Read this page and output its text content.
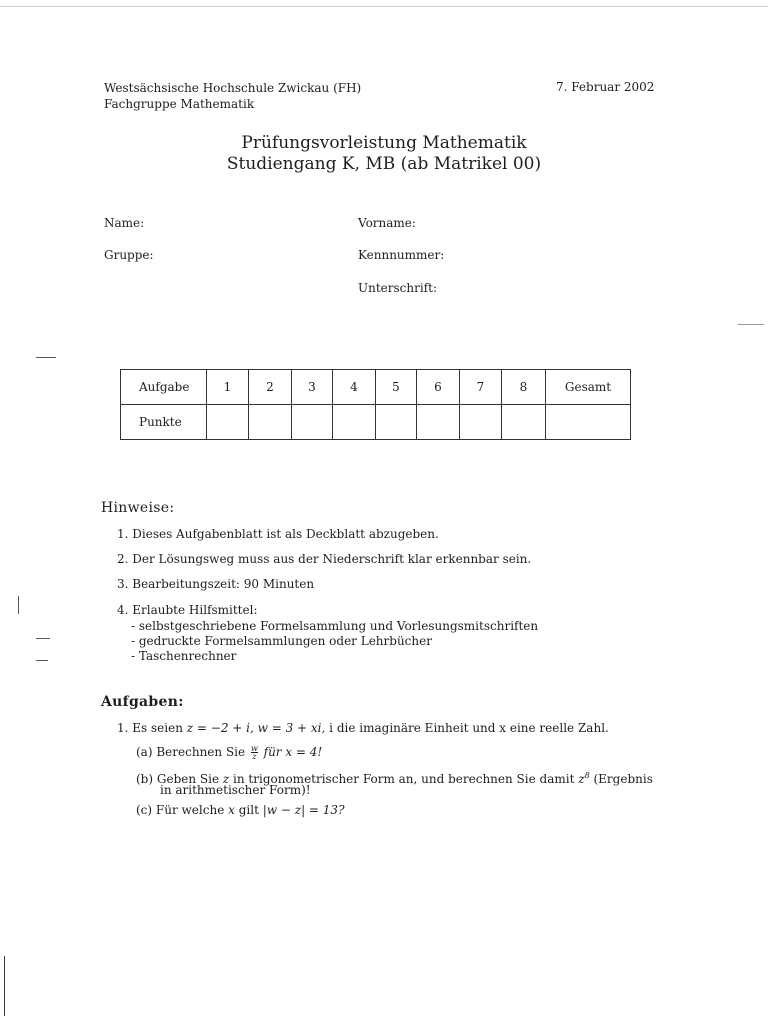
Westsächsische Hochschule Zwickau (FH)
Fachgruppe Mathematik
7. Februar 2002
Prüfungsvorleistung Mathematik
Studiengang K, MB (ab Matrikel 00)
Name:	Vorname:
Gruppe:	Kennnummer:
Unterschrift:
Aufgabe	1	2	3	4	5	6	7	8	Gesamt
Punkte									
Hinweise:
1. Dieses Aufgabenblatt ist als Deckblatt abzugeben.
2. Der Lösungsweg muss aus der Niederschrift klar erkennbar sein.
3. Bearbeitungszeit: 90 Minuten
4. Erlaubte Hilfsmittel:
- selbstgeschriebene Formelsammlung und Vorlesungsmitschriften
- gedruckte Formelsammlungen oder Lehrbücher
- Taschenrechner
Aufgaben:
1. Es seien z = −2 + i, w = 3 + xi, i die imaginäre Einheit und x eine reelle Zahl.
(a) Berechnen Sie $\frac{w}{z}$ für x = 4!
(b) Geben Sie z in trigonometrischer Form an, und berechnen Sie damit $z^8$ (Ergebnis
in arithmetischer Form)!
(c) Für welche x gilt |w − z| = 13?
